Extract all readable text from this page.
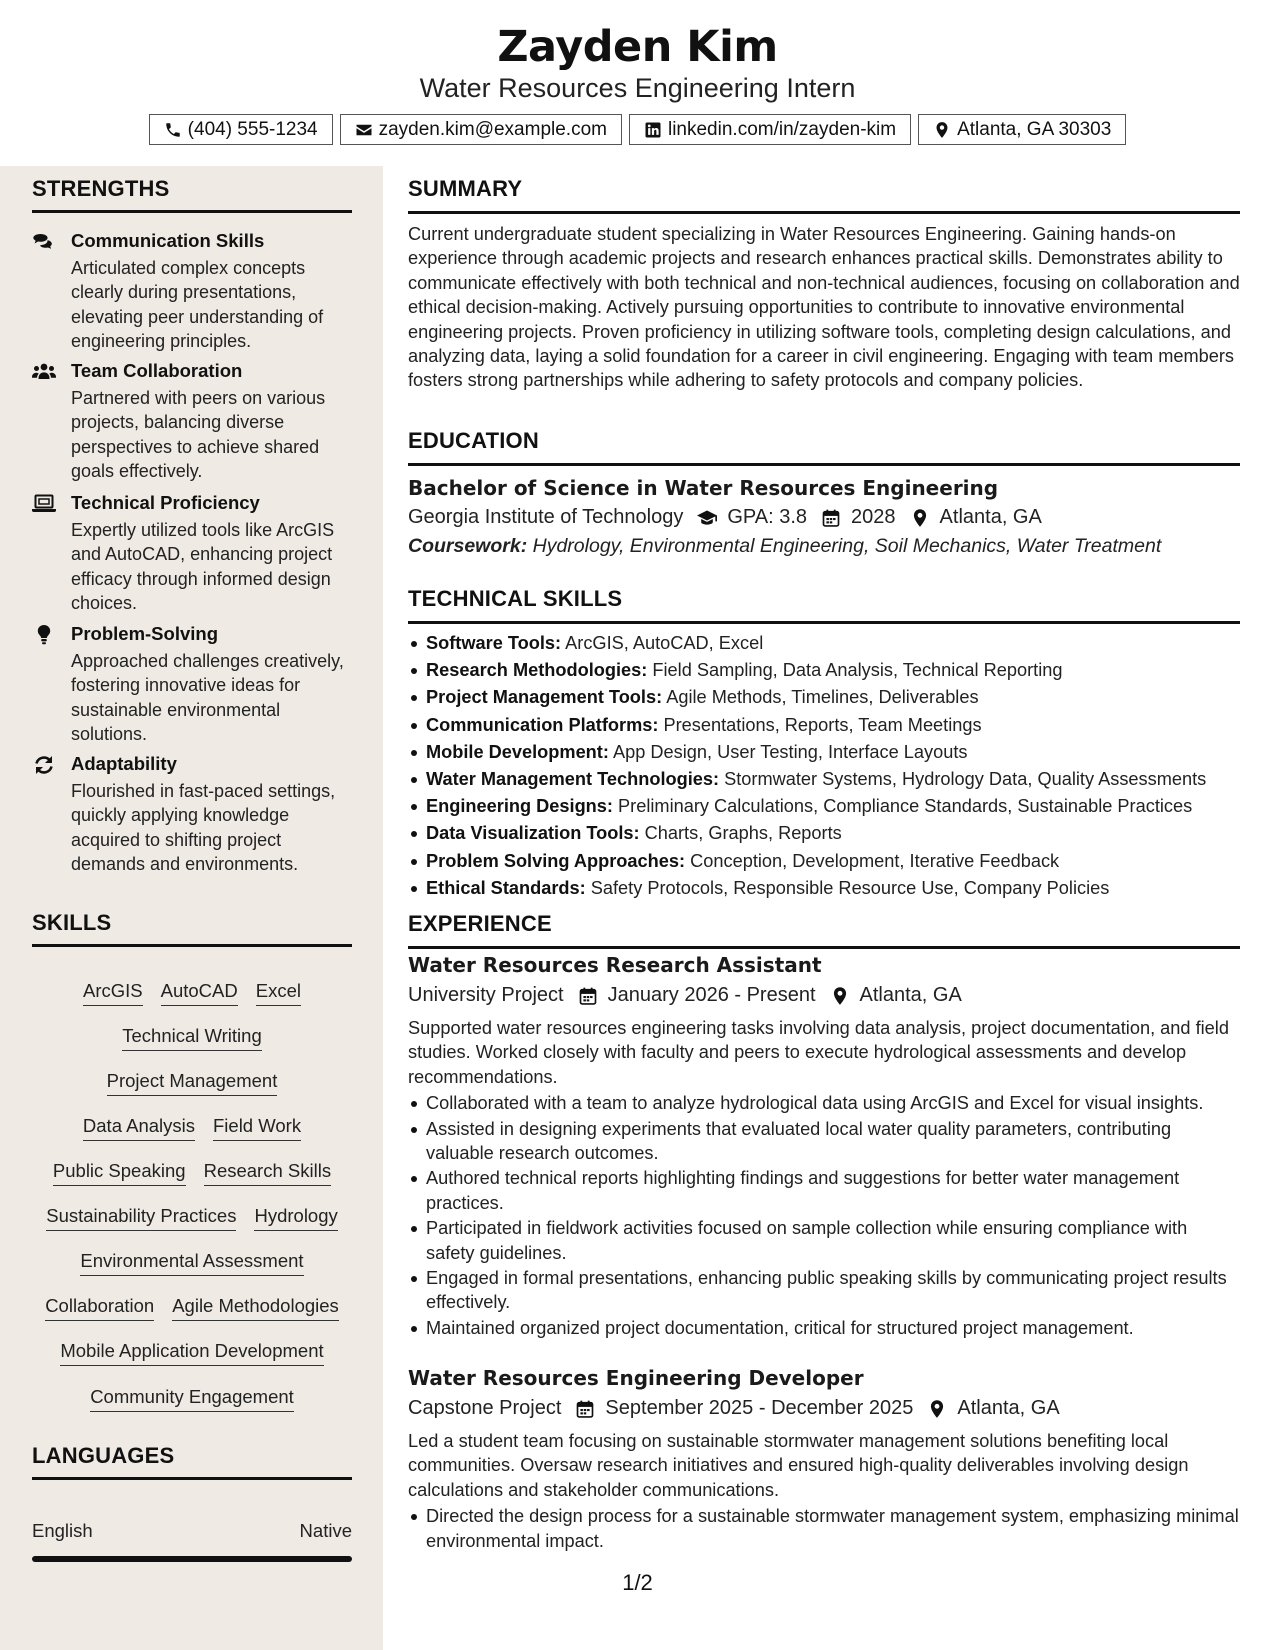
Zayden Kim
Water Resources Engineering Intern
(404) 555-1234	zayden.kim@example.com	linkedin.com/in/zayden-kim	Atlanta, GA 30303
STRENGTHS
Communication Skills
Articulated complex concepts clearly during presentations, elevating peer understanding of engineering principles.
Team Collaboration
Partnered with peers on various projects, balancing diverse perspectives to achieve shared goals effectively.
Technical Proficiency
Expertly utilized tools like ArcGIS and AutoCAD, enhancing project efficacy through informed design choices.
Problem-Solving
Approached challenges creatively, fostering innovative ideas for sustainable environmental solutions.
Adaptability
Flourished in fast-paced settings, quickly applying knowledge acquired to shifting project demands and environments.
SKILLS
ArcGIS AutoCAD Excel
Technical Writing
Project Management
Data Analysis Field Work
Public Speaking Research Skills
Sustainability Practices Hydrology
Environmental Assessment
Collaboration Agile Methodologies
Mobile Application Development
Community Engagement
LANGUAGES
English	Native
SUMMARY
Current undergraduate student specializing in Water Resources Engineering. Gaining hands-on experience through academic projects and research enhances practical skills. Demonstrates ability to communicate effectively with both technical and non-technical audiences, focusing on collaboration and ethical decision-making. Actively pursuing opportunities to contribute to innovative environmental engineering projects. Proven proficiency in utilizing software tools, completing design calculations, and analyzing data, laying a solid foundation for a career in civil engineering. Engaging with team members fosters strong partnerships while adhering to safety protocols and company policies.
EDUCATION
Bachelor of Science in Water Resources Engineering
Georgia Institute of Technology GPA: 3.8 2028 Atlanta, GA
Coursework: Hydrology, Environmental Engineering, Soil Mechanics, Water Treatment
TECHNICAL SKILLS
Software Tools: ArcGIS, AutoCAD, Excel
Research Methodologies: Field Sampling, Data Analysis, Technical Reporting
Project Management Tools: Agile Methods, Timelines, Deliverables
Communication Platforms: Presentations, Reports, Team Meetings
Mobile Development: App Design, User Testing, Interface Layouts
Water Management Technologies: Stormwater Systems, Hydrology Data, Quality Assessments
Engineering Designs: Preliminary Calculations, Compliance Standards, Sustainable Practices
Data Visualization Tools: Charts, Graphs, Reports
Problem Solving Approaches: Conception, Development, Iterative Feedback
Ethical Standards: Safety Protocols, Responsible Resource Use, Company Policies
EXPERIENCE
Water Resources Research Assistant
University Project January 2026 - Present Atlanta, GA
Supported water resources engineering tasks involving data analysis, project documentation, and field studies. Worked closely with faculty and peers to execute hydrological assessments and develop recommendations.
Collaborated with a team to analyze hydrological data using ArcGIS and Excel for visual insights.
Assisted in designing experiments that evaluated local water quality parameters, contributing valuable research outcomes.
Authored technical reports highlighting findings and suggestions for better water management practices.
Participated in fieldwork activities focused on sample collection while ensuring compliance with safety guidelines.
Engaged in formal presentations, enhancing public speaking skills by communicating project results effectively.
Maintained organized project documentation, critical for structured project management.
Water Resources Engineering Developer
Capstone Project September 2025 - December 2025 Atlanta, GA
Led a student team focusing on sustainable stormwater management solutions benefiting local communities. Oversaw research initiatives and ensured high-quality deliverables involving design calculations and stakeholder communications.
Directed the design process for a sustainable stormwater management system, emphasizing minimal environmental impact.
1/2
